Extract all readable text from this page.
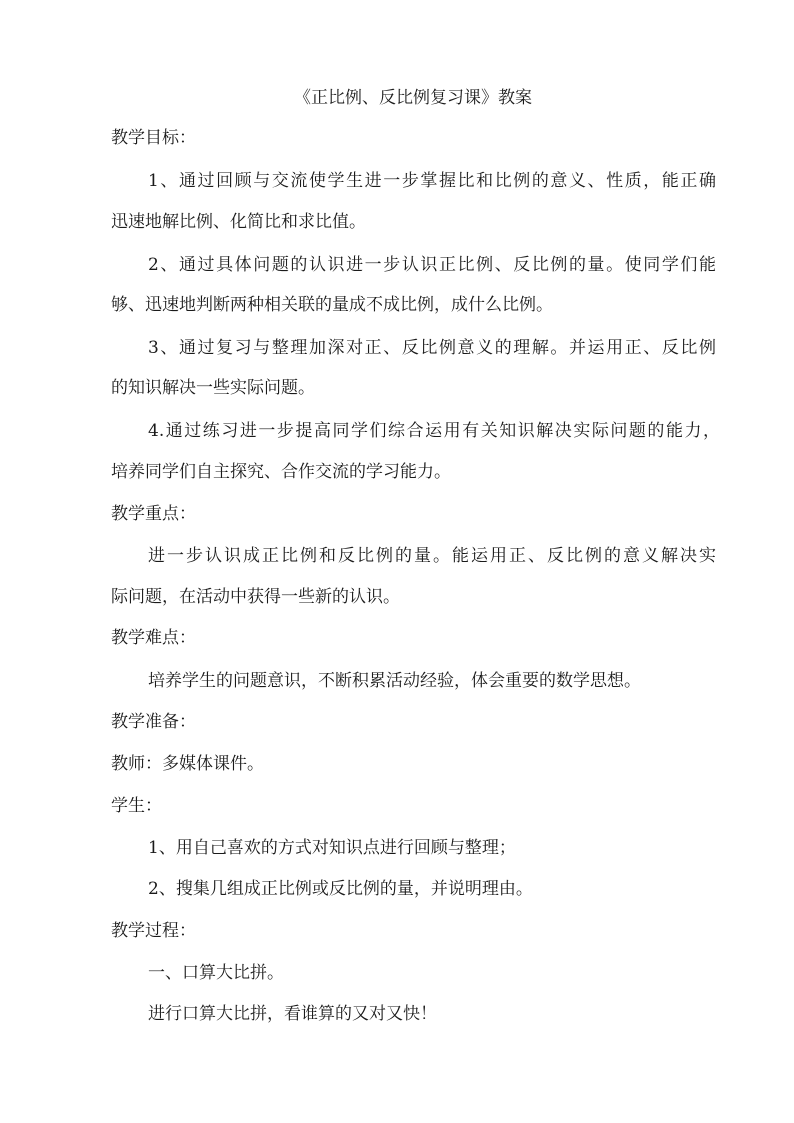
《正比例、反比例复习课》教案

教学目标：

1、通过回顾与交流使学生进一步掌握比和比例的意义、性质，能正确

迅速地解比例、化简比和求比值。

2、通过具体问题的认识进一步认识正比例、反比例的量。使同学们能

够、迅速地判断两种相关联的量成不成比例，成什么比例。

3、通过复习与整理加深对正、反比例意义的理解。并运用正、反比例

的知识解决一些实际问题。

4.通过练习进一步提高同学们综合运用有关知识解决实际问题的能力，

培养同学们自主探究、合作交流的学习能力。

教学重点：

进一步认识成正比例和反比例的量。能运用正、反比例的意义解决实

际问题，在活动中获得一些新的认识。

教学难点：

培养学生的问题意识，不断积累活动经验，体会重要的数学思想。

教学准备：

教师：多媒体课件。

学生：

1、用自己喜欢的方式对知识点进行回顾与整理；

2、搜集几组成正比例或反比例的量，并说明理由。

教学过程：

一、口算大比拼。

进行口算大比拼，看谁算的又对又快！
